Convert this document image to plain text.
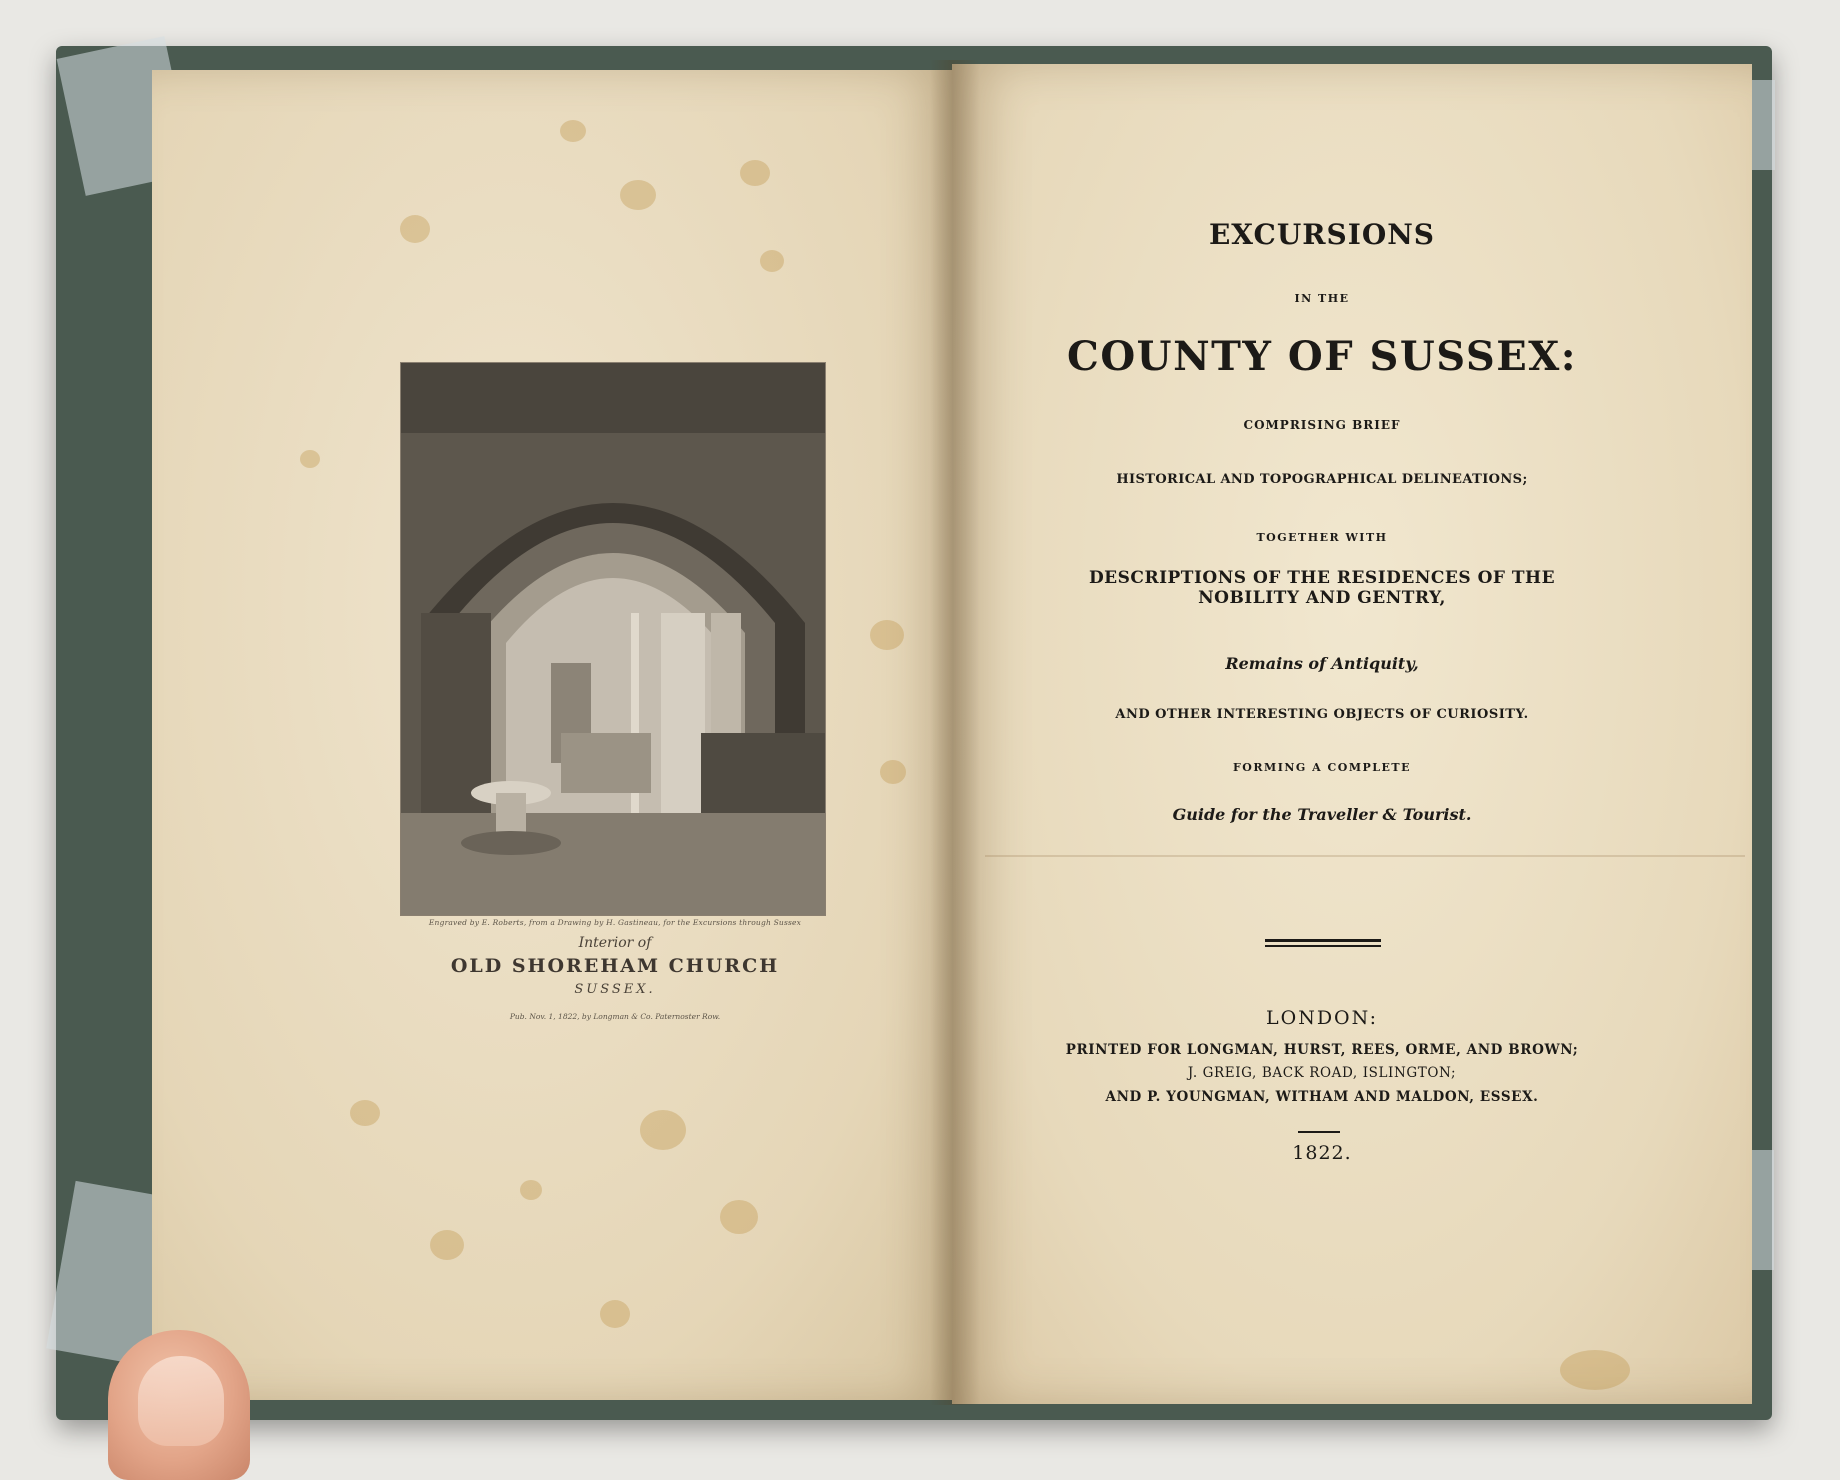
Engraved by E. Roberts, from a Drawing by H. Gastineau, for the Excursions through Sussex
Interior of
OLD SHOREHAM CHURCH
SUSSEX.
Pub. Nov. 1, 1822, by Longman & Co. Paternoster Row.
EXCURSIONS
IN THE
COUNTY OF SUSSEX:
COMPRISING BRIEF
HISTORICAL AND TOPOGRAPHICAL DELINEATIONS;
TOGETHER WITH
DESCRIPTIONS OF THE RESIDENCES OF THE
NOBILITY AND GENTRY,
Remains of Antiquity,
AND OTHER INTERESTING OBJECTS OF CURIOSITY.
FORMING A COMPLETE
Guide for the Traveller & Tourist.
LONDON:
PRINTED FOR LONGMAN, HURST, REES, ORME, AND BROWN;
J. GREIG, BACK ROAD, ISLINGTON;
AND P. YOUNGMAN, WITHAM AND MALDON, ESSEX.
1822.
